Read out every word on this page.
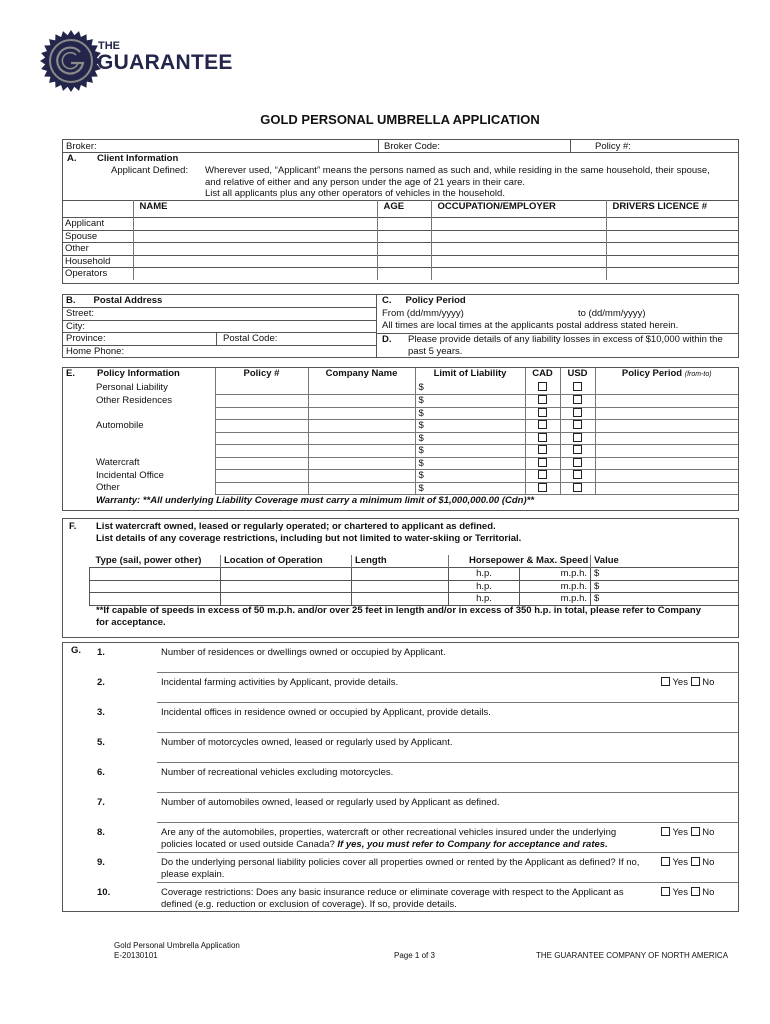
THE
GUARANTEE
GOLD PERSONAL UMBRELLA APPLICATION
Broker:	Broker Code:	Policy #:
A. Client Information
Applicant Defined: Wherever used, “Applicant” means the persons named as such and, while residing in the same household, their spouse,
and relative of either and any person under the age of 21 years in their care.
List all applicants plus any other operators of vehicles in the household.
	NAME	AGE	OCCUPATION/EMPLOYER	DRIVERS LICENCE #
Applicant				
Spouse				
Other				
Household				
Operators				
B. Postal Address
Street:
City:
Province:	Postal Code:
Home Phone:
C. Policy Period
From (dd/mm/yyyy)	to (dd/mm/yyyy)
All times are local times at the applicants postal address stated herein.
D. Please provide details of any liability losses in excess of $10,000 within the
past 5 years.
E. Policy Information	Policy #	Company Name	Limit of Liability	CAD	USD	Policy Period (from-to)
Personal Liability			$			
Other Residences			$			
			$			
Automobile			$			
			$			
			$			
Watercraft			$			
Incidental Office			$			
Other			$			
Warranty: **All underlying Liability Coverage must carry a minimum limit of $1,000,000.00 (Cdn)**
F. List watercraft owned, leased or regularly operated; or chartered to applicant as defined.
List details of any coverage restrictions, including but not limited to water-skiing or Territorial.
Type (sail, power other)	Location of Operation	Length	Horsepower & Max. Speed		Value
			h.p.	m.p.h.	$
			h.p.	m.p.h.	$
			h.p.	m.p.h.	$
**If capable of speeds in excess of 50 m.p.h. and/or over 25 feet in length and/or in excess of 350 h.p. in total, please refer to Company
for acceptance.
G. 1.	Number of residences or dwellings owned or occupied by Applicant.
2.	Incidental farming activities by Applicant, provide details.	Yes No
3.	Incidental offices in residence owned or occupied by Applicant, provide details.
5.	Number of motorcycles owned, leased or regularly used by Applicant.
6.	Number of recreational vehicles excluding motorcycles.
7.	Number of automobiles owned, leased or regularly used by Applicant as defined.
8.	Are any of the automobiles, properties, watercraft or other recreational vehicles insured under the underlying policies located or used outside Canada? If yes, you must refer to Company for acceptance and rates.
Yes No
9.	Do the underlying personal liability policies cover all properties owned or rented by the Applicant as defined? If no, please explain.
Yes No
10.	Coverage restrictions: Does any basic insurance reduce or eliminate coverage with respect to the Applicant as defined (e.g. reduction or exclusion of coverage). If so, provide details.
Yes No
Gold Personal Umbrella Application
E-20130101	Page 1 of 3	THE GUARANTEE COMPANY OF NORTH AMERICA
